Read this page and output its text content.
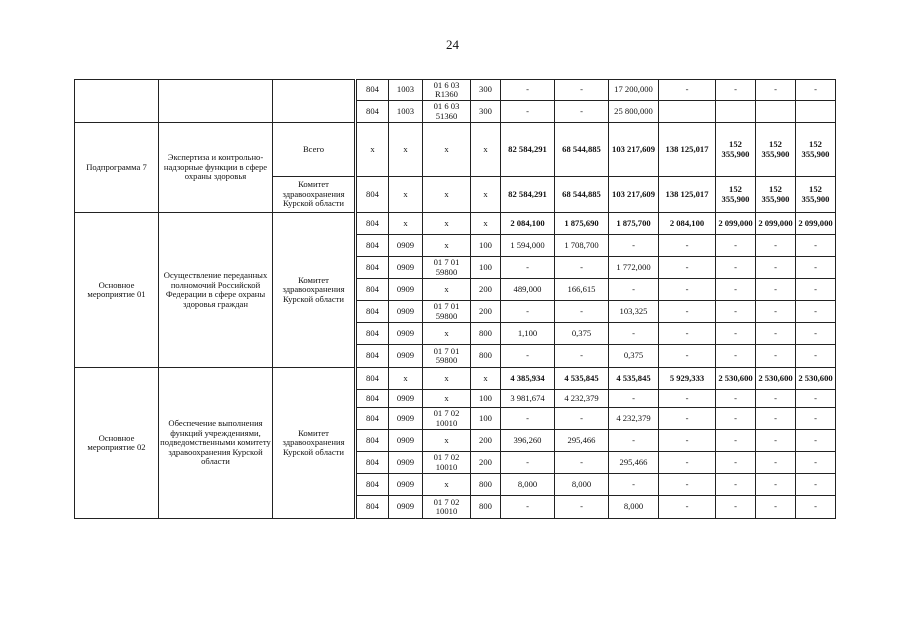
24
				804	1003	01 6 03 R1360	300	-	-	17 200,000	-	-	-	-
				804	1003	01 6 03 51360	300	-	-	25 800,000				
Подпрограмма 7	Экспертиза и контрольно-надзорные функции в сфере охраны здоровья	Всего		x	x	x	x	82 584,291	68 544,885	103 217,609	138 125,017	152 355,900	152 355,900	152 355,900
		Комитет здравоохранения Курской области		804	x	x	x	82 584,291	68 544,885	103 217,609	138 125,017	152 355,900	152 355,900	152 355,900
Основное мероприятие 01	Осуществление переданных полномочий Российской Федерации в сфере охраны здоровья граждан	Комитет здравоохранения Курской области		804	x	x	x	2 084,100	1 875,690	1 875,700	2 084,100	2 099,000	2 099,000	2 099,000
				804	0909	x	100	1 594,000	1 708,700	-	-	-	-	-
				804	0909	01 7 01 59800	100	-	-	1 772,000	-	-	-	-
				804	0909	x	200	489,000	166,615	-	-	-	-	-
				804	0909	01 7 01 59800	200	-	-	103,325	-	-	-	-
				804	0909	x	800	1,100	0,375	-	-	-	-	-
				804	0909	01 7 01 59800	800	-	-	0,375	-	-	-	-
Основное мероприятие 02	Обеспечение выполнения функций учреждениями, подведомственными комитету здравоохранения Курской области	Комитет здравоохранения Курской области		804	x	x	x	4 385,934	4 535,845	4 535,845	5 929,333	2 530,600	2 530,600	2 530,600
				804	0909	x	100	3 981,674	4 232,379	-	-	-	-	-
				804	0909	01 7 02 10010	100	-	-	4 232,379	-	-	-	-
				804	0909	x	200	396,260	295,466	-	-	-	-	-
				804	0909	01 7 02 10010	200	-	-	295,466	-	-	-	-
				804	0909	x	800	8,000	8,000	-	-	-	-	-
				804	0909	01 7 02 10010	800	-	-	8,000	-	-	-	-
